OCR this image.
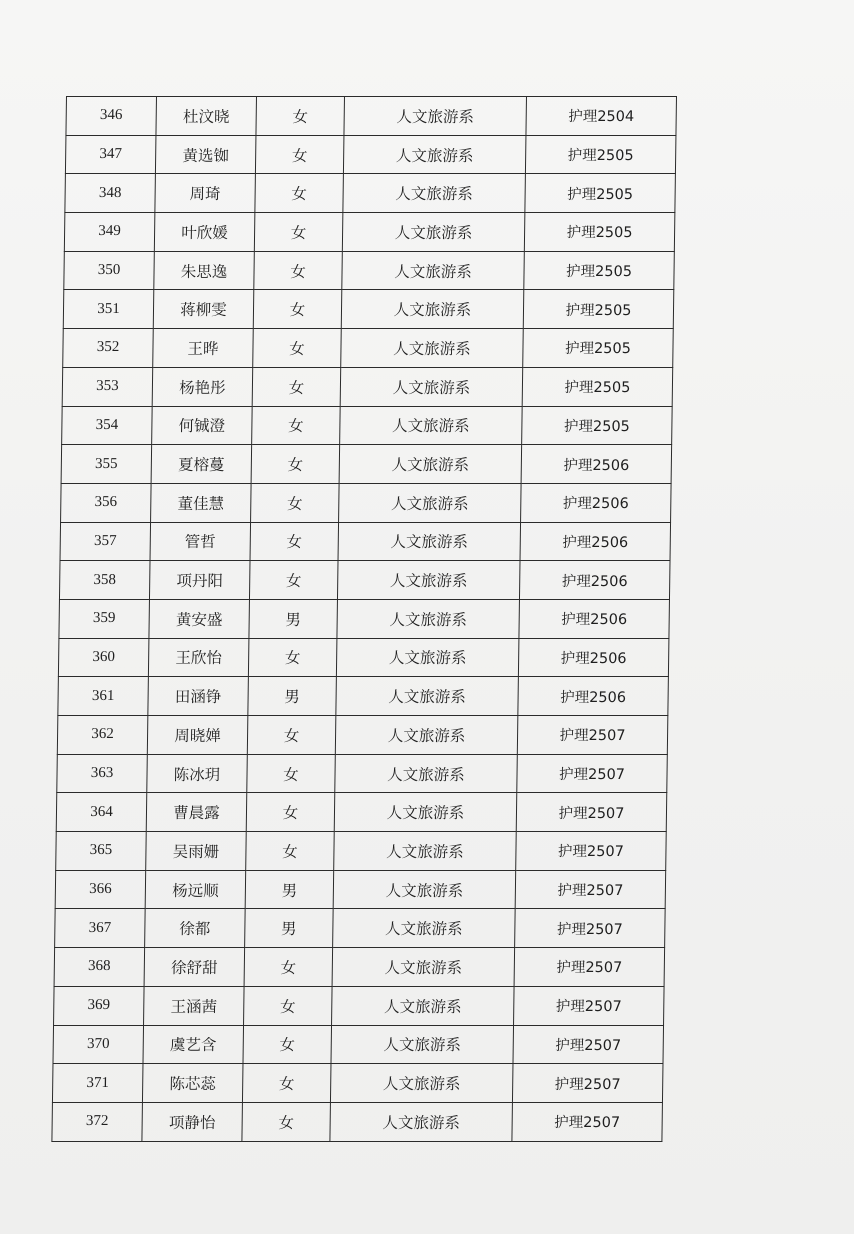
346	杜汶晓	女	人文旅游系	护理2504
347	黄选铷	女	人文旅游系	护理2505
348	周琦	女	人文旅游系	护理2505
349	叶欣媛	女	人文旅游系	护理2505
350	朱思逸	女	人文旅游系	护理2505
351	蒋柳雯	女	人文旅游系	护理2505
352	王晔	女	人文旅游系	护理2505
353	杨艳彤	女	人文旅游系	护理2505
354	何铖澄	女	人文旅游系	护理2505
355	夏榕蔓	女	人文旅游系	护理2506
356	董佳慧	女	人文旅游系	护理2506
357	管哲	女	人文旅游系	护理2506
358	项丹阳	女	人文旅游系	护理2506
359	黄安盛	男	人文旅游系	护理2506
360	王欣怡	女	人文旅游系	护理2506
361	田涵铮	男	人文旅游系	护理2506
362	周晓婵	女	人文旅游系	护理2507
363	陈冰玥	女	人文旅游系	护理2507
364	曹晨露	女	人文旅游系	护理2507
365	吴雨姗	女	人文旅游系	护理2507
366	杨远顺	男	人文旅游系	护理2507
367	徐都	男	人文旅游系	护理2507
368	徐舒甜	女	人文旅游系	护理2507
369	王涵茜	女	人文旅游系	护理2507
370	虞艺含	女	人文旅游系	护理2507
371	陈芯蕊	女	人文旅游系	护理2507
372	项静怡	女	人文旅游系	护理2507
